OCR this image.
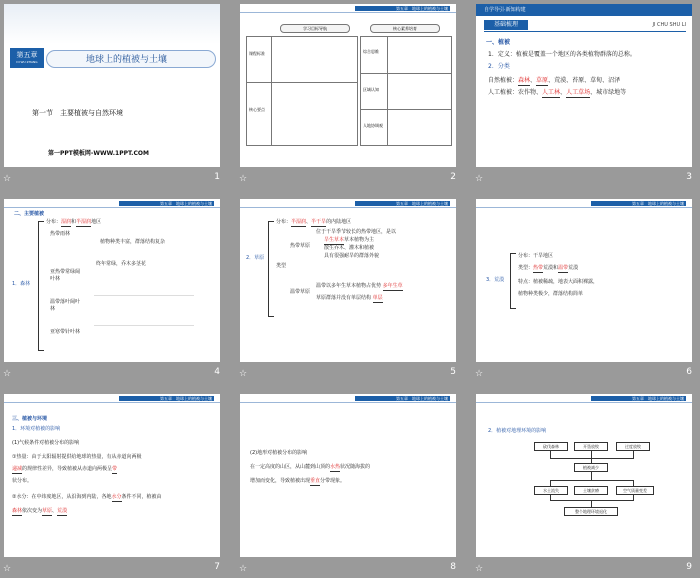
第五章
DI WU ZHANG	地球上的植被与土壤
第一节　主要植被与自然环境
第一PPT模板网-WWW.1PPT.COM
☆	1
第五章　地球上的植被与土壤
学习目标导航	核心素养培育
课程标准
核心要点
综合思维
区域认知
人地协调观
☆	2
自学导引·新知构建
基础梳理	JI CHU SHU LI
一、植被
1．定义：植被是覆盖一个地区的各类植物群落的总称。
2．分类
自然植被：森林、草原、荒漠、苔原、草甸、沼泽
人工植被：农作物、人工林、人工草场、城市绿地等
☆	3
第五章　地球上的植被与土壤
二、主要植被
1．森林
分布：湿润和半湿润地区
热带雨林
植物种类丰富，群落结构复杂
亚热带常绿阔叶林
终年常绿，乔木多茎花
温带落叶阔叶林
亚寒带针叶林
☆	4
第五章　地球上的植被与土壤
2．草原
分布：半湿润、半干旱的内陆地区
类型
热带草原
温带草原
位于干旱季节较长的热带地区，是以
旱生草本草本植物为主
散生乔木、灌木和植被
具有很强耐旱的群落外貌
温带以多年生草本植物占优势 多年生草
草原群落并没有单层结构 单层
☆	5
第五章　地球上的植被与土壤
3．荒漠
分布：干旱地区
类型：热带荒漠和温带荒漠
特点：植被稀疏，地表大面积裸露，
植物种类极少，群落结构简单
☆	6
第五章　地球上的植被与土壤
三、植被与环境
1．环境对植被的影响
(1)气候条件对植被分布的影响
①热量：由于太阳辐射提供给地球的热量，有从赤道向两极
递减的规律性差异，导致植被从赤道向两极呈带
状分布。
②水分：在中纬度地区，从沿海到内陆，各地水分条件不同，植被由
森林依次变为草原、荒漠
☆	7
第五章　地球上的植被与土壤
(2)地形对植被分布的影响
在一定高度的山区，从山麓到山顶的水热状况随海拔的
增加而变化，导致植被出现垂直分带现象。
☆	8
第五章　地球上的植被与土壤
2．植被对地理环境的影响
砍伐森林	开垦放牧	过度放牧
植被减少
水土流失	土壤贫瘠	空气质量变差
整个地理环境退化
☆	9
